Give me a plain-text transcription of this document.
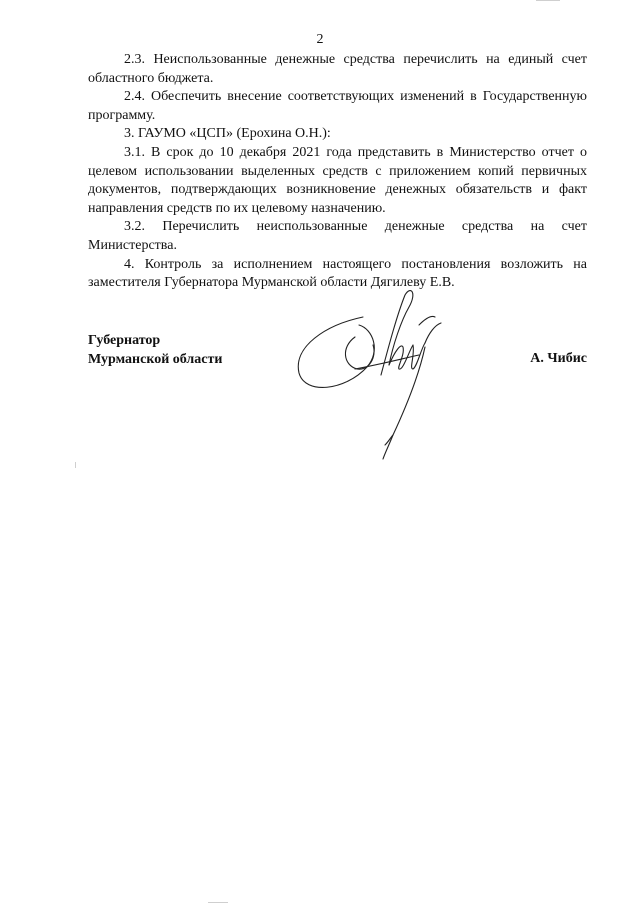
2

2.3. Неиспользованные денежные средства перечислить на единый счет областного бюджета.

2.4. Обеспечить внесение соответствующих изменений в Государственную программу.

3. ГАУМО «ЦСП» (Ерохина О.Н.):

3.1. В срок до 10 декабря 2021 года представить в Министерство отчет о целевом использовании выделенных средств с приложением копий первичных документов, подтверждающих возникновение денежных обязательств и факт направления средств по их целевому назначению.

3.2. Перечислить неиспользованные денежные средства на счет Министерства.

4. Контроль за исполнением настоящего постановления возложить на заместителя Губернатора Мурманской области Дягилеву Е.В.

Губернатор
Мурманской области	А. Чибис
